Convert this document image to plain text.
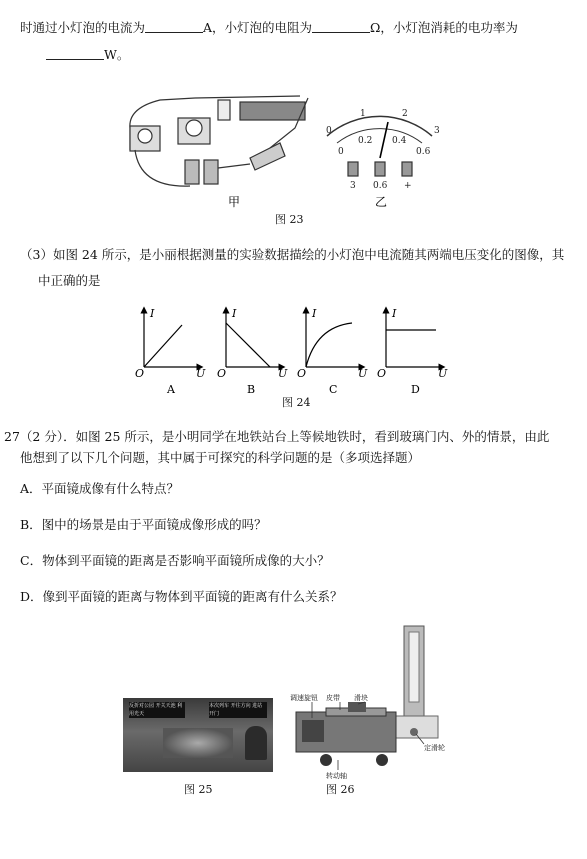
时通过小灯泡的电流为	A，小灯泡的电阻为	Ω，小灯泡消耗的电功率为
W。
0
1	2
3
0
0.2 0.4
0.6
3 0.6 +
甲	乙
图 23
（3）如图 24 所示，是小丽根据测量的实验数据描绘的小灯泡中电流随其两端电压变化的图像，其
中正确的是
I
O	U
I
O	U
I
O	U
I
O	U
A	B	C	D
图 24
27（2 分）．如图 25 所示，是小明同学在地铁站台上等候地铁时，看到玻璃门内、外的情景，由此
他想到了以下几个问题，其中属于可探究的科学问题的是（多项选择题）
A．平面镜成像有什么特点？
B．图中的场景是由于平面镜成像形成的吗？
C．物体到平面镜的距离是否影响平面镜所成像的大小？
D．像到平面镜的距离与物体到平面镜的距离有什么关系？
反折对公园 开关天池 利用光天
本次列车 开往方向 进站开门
图 25
调速旋钮 皮带 滑块
定滑轮
转动轴
图 26
